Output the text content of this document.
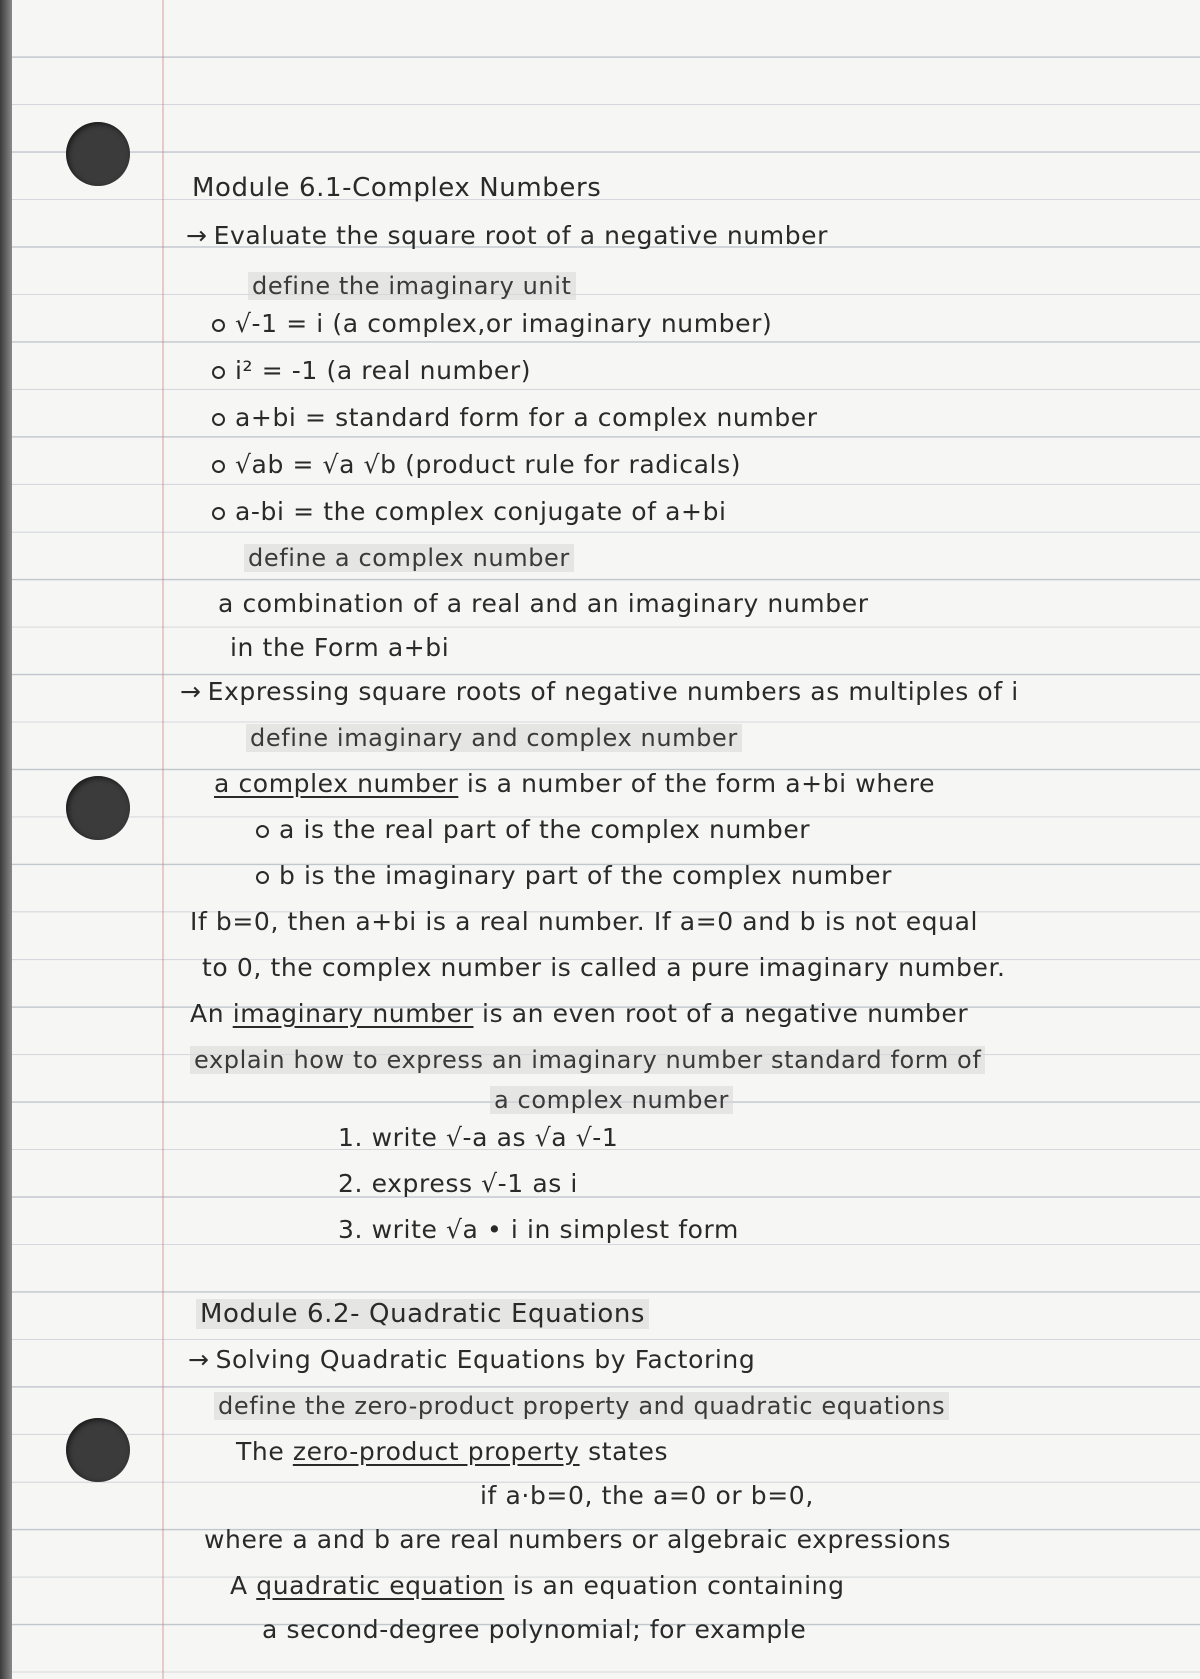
Module 6.1-Complex Numbers
→ Evaluate the square root of a negative number
define the imaginary unit
√-1 = i (a complex,or imaginary number)
i² = -1 (a real number)
a+bi = standard form for a complex number
√ab = √a √b (product rule for radicals)
a-bi = the complex conjugate of a+bi
define a complex number
a combination of a real and an imaginary number
in the Form a+bi
→ Expressing square roots of negative numbers as multiples of i
define imaginary and complex number
a complex number is a number of the form a+bi where
a is the real part of the complex number
b is the imaginary part of the complex number
If b=0, then a+bi is a real number. If a=0 and b is not equal
to 0, the complex number is called a pure imaginary number.
An imaginary number is an even root of a negative number
explain how to express an imaginary number standard form of
a complex number
1. write √-a as √a √-1
2. express √-1 as i
3. write √a • i in simplest form
Module 6.2- Quadratic Equations
→ Solving Quadratic Equations by Factoring
define the zero-product property and quadratic equations
The zero-product property states
if a·b=0, the a=0 or b=0,
where a and b are real numbers or algebraic expressions
A quadratic equation is an equation containing
a second-degree polynomial; for example
